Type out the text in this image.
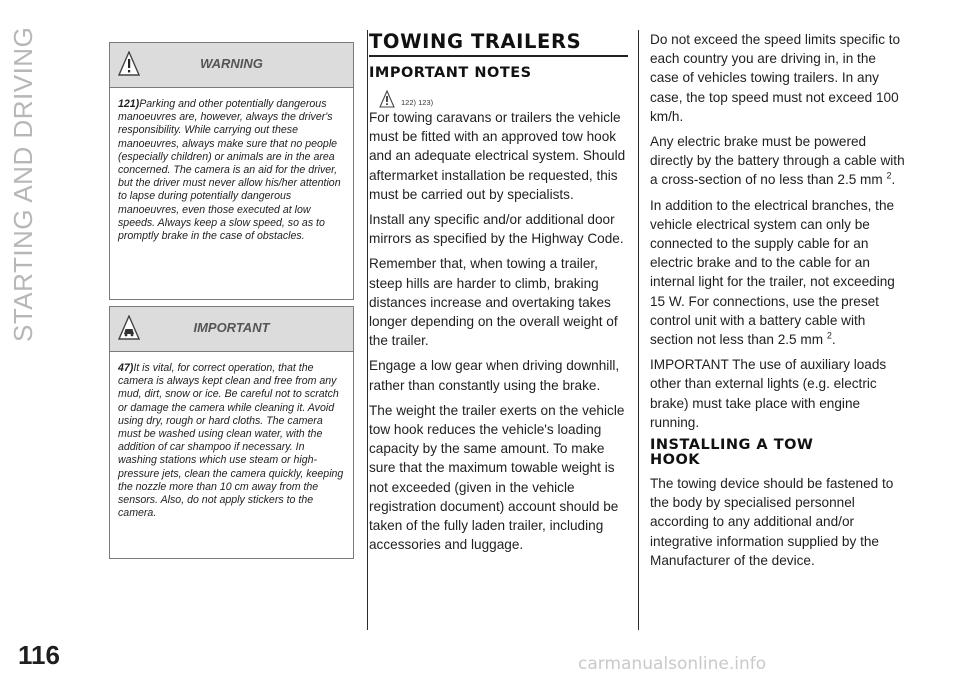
STARTING AND DRIVING
116	carmanualsonline.info
WARNING
121)Parking and other potentially dangerous manoeuvres are, however, always the driver's responsibility. While carrying out these manoeuvres, always make sure that no people (especially children) or animals are in the area concerned. The camera is an aid for the driver, but the driver must never allow his/her attention to lapse during potentially dangerous manoeuvres, even those executed at low speeds. Always keep a slow speed, so as to promptly brake in the case of obstacles.
IMPORTANT
47)It is vital, for correct operation, that the camera is always kept clean and free from any mud, dirt, snow or ice. Be careful not to scratch or damage the camera while cleaning it. Avoid using dry, rough or hard cloths. The camera must be washed using clean water, with the addition of car shampoo if necessary. In washing stations which use steam or high-pressure jets, clean the camera quickly, keeping the nozzle more than 10 cm away from the sensors. Also, do not apply stickers to the camera.
TOWING TRAILERS
IMPORTANT NOTES
122) 123)

For towing caravans or trailers the vehicle must be fitted with an approved tow hook and an adequate electrical system. Should aftermarket installation be requested, this must be carried out by specialists.

Install any specific and/or additional door mirrors as specified by the Highway Code.

Remember that, when towing a trailer, steep hills are harder to climb, braking distances increase and overtaking takes longer depending on the overall weight of the trailer.

Engage a low gear when driving downhill, rather than constantly using the brake.

The weight the trailer exerts on the vehicle tow hook reduces the vehicle's loading capacity by the same amount. To make sure that the maximum towable weight is not exceeded (given in the vehicle registration document) account should be taken of the fully laden trailer, including accessories and luggage.

Do not exceed the speed limits specific to each country you are driving in, in the case of vehicles towing trailers. In any case, the top speed must not exceed 100 km/h.

Any electric brake must be powered directly by the battery through a cable with a cross-section of no less than 2.5 mm $^2$.

In addition to the electrical branches, the vehicle electrical system can only be connected to the supply cable for an electric brake and to the cable for an internal light for the trailer, not exceeding 15 W. For connections, use the preset control unit with a battery cable with section not less than 2.5 mm $^2$.

IMPORTANT The use of auxiliary loads other than external lights (e.g. electric brake) must take place with engine running.

INSTALLING A TOW
HOOK

The towing device should be fastened to the body by specialised personnel according to any additional and/or integrative information supplied by the Manufacturer of the device.
